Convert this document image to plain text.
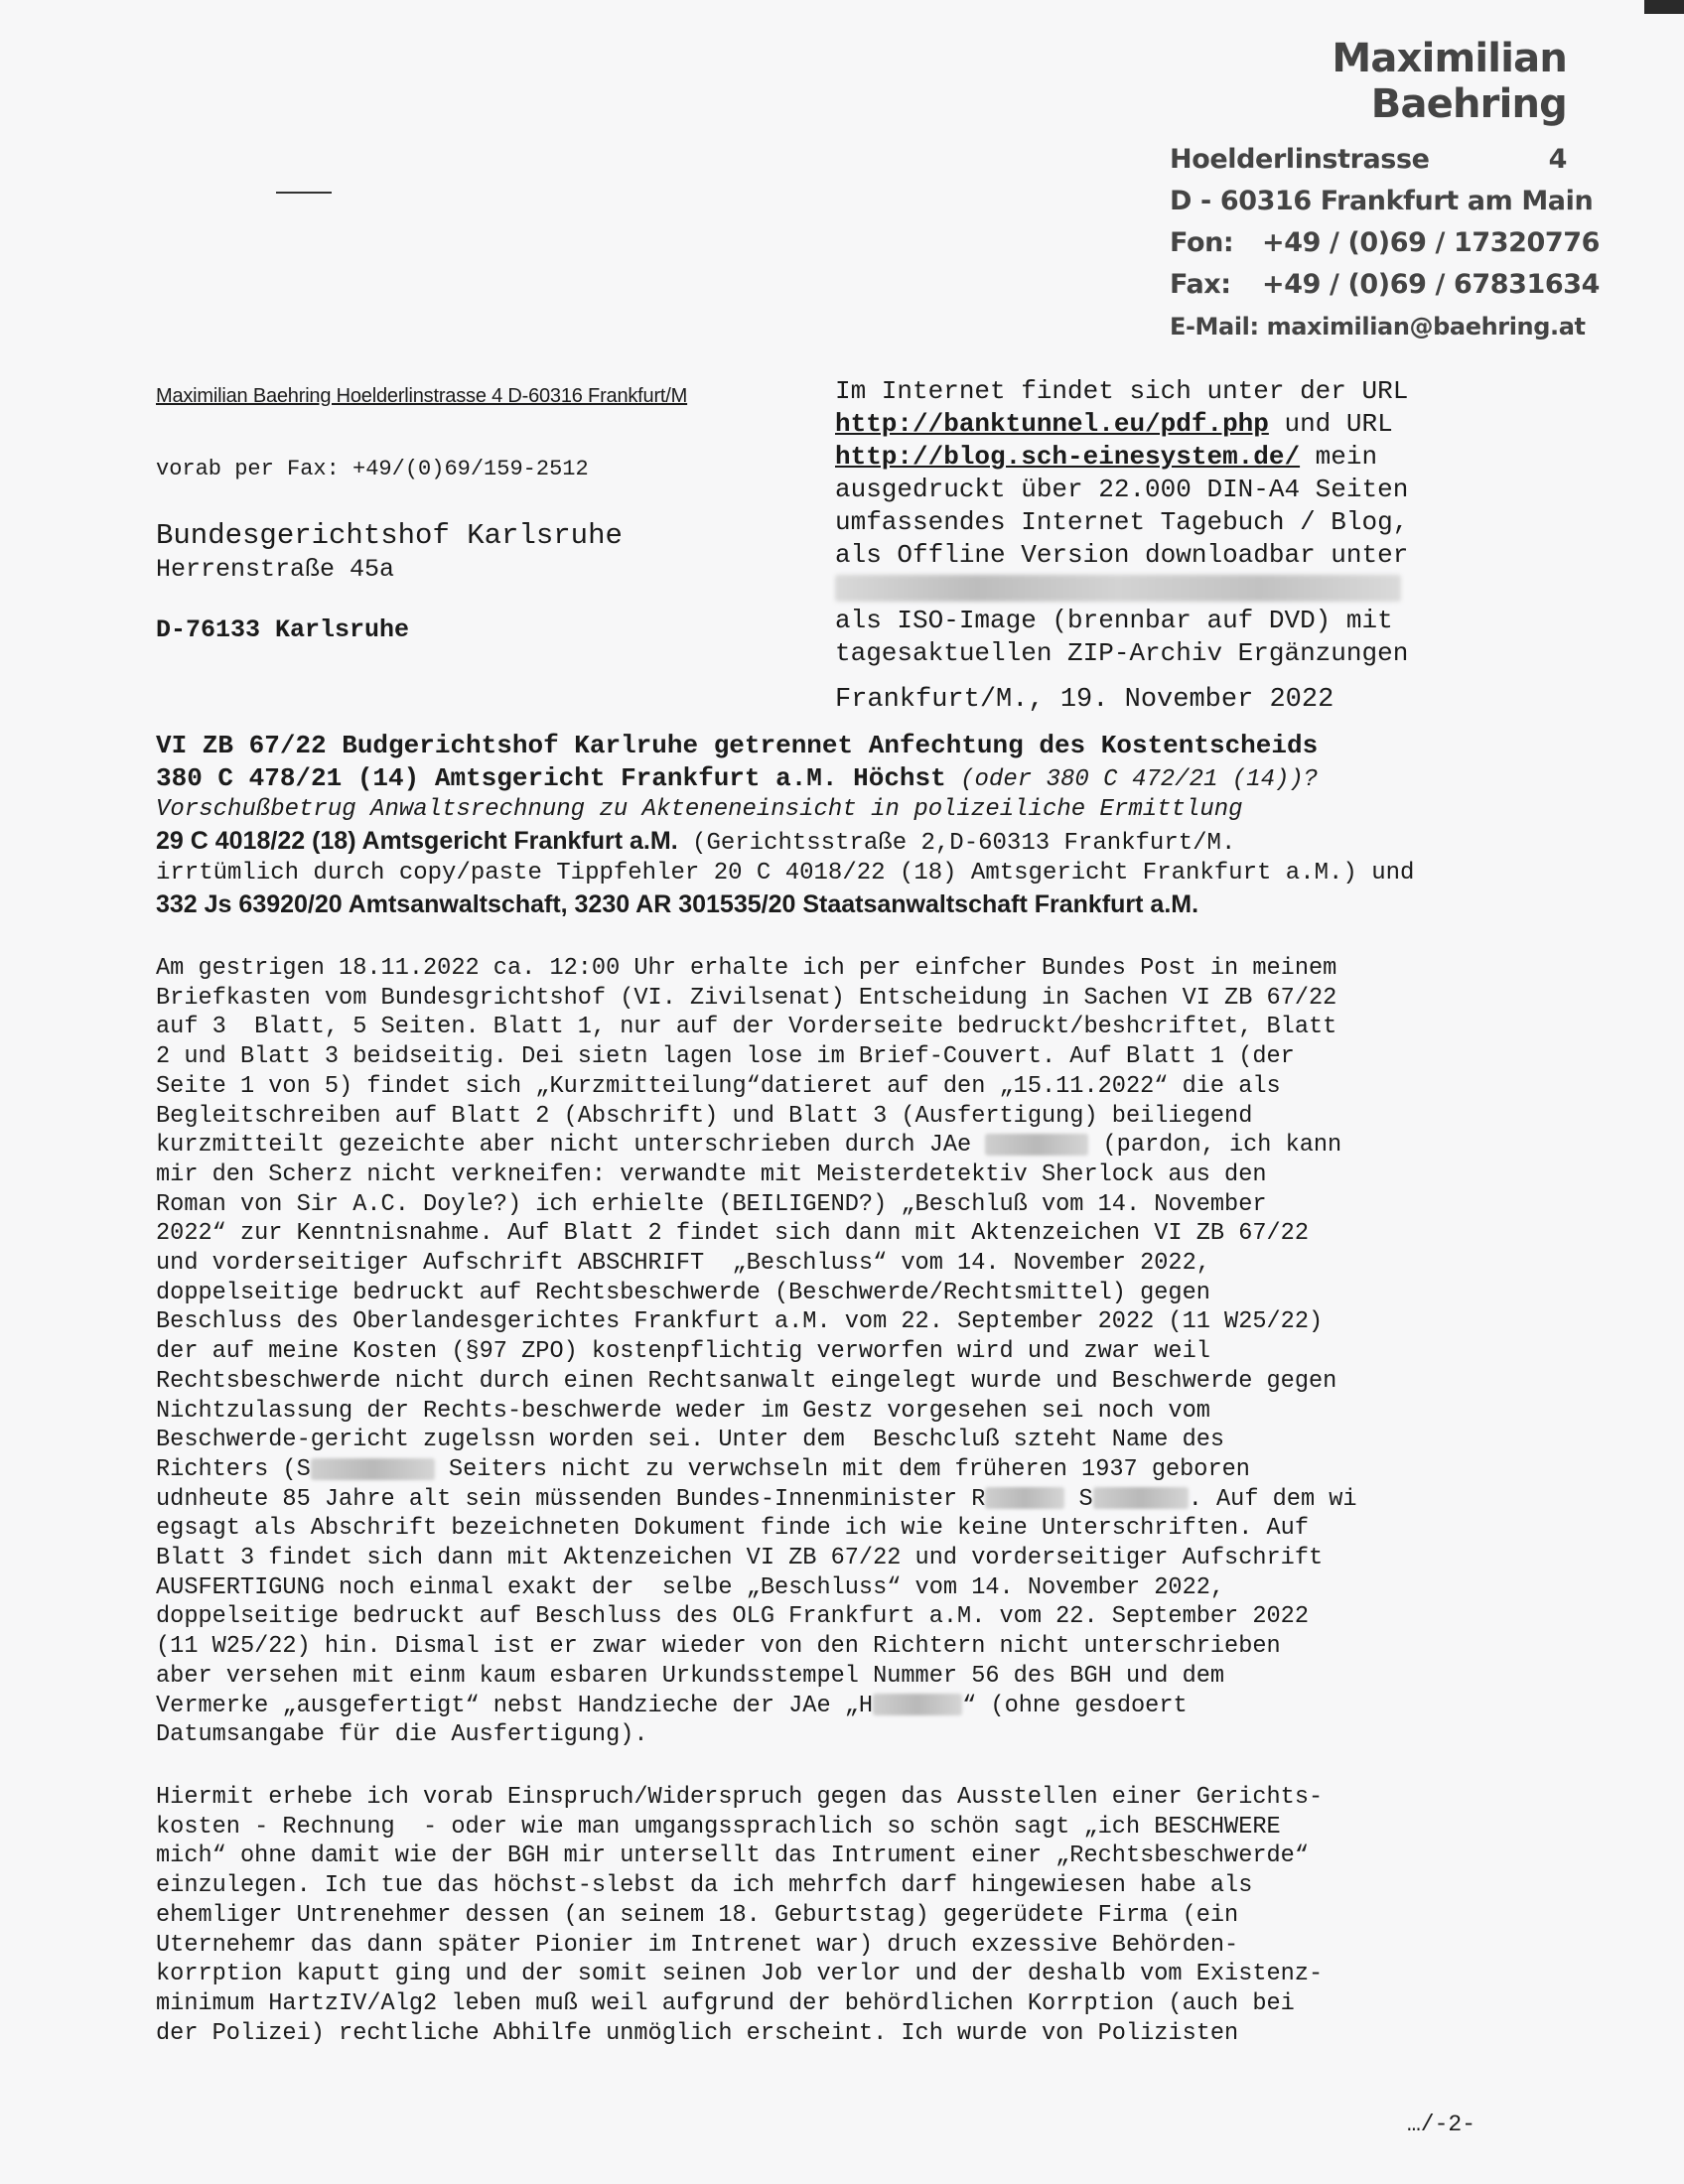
Maximilian Baehring
Hoelderlinstrasse	4
D - 60316 Frankfurt am Main
Fon: +49 / (0)69 / 17320776
Fax: +49 / (0)69 / 67831634
E-Mail: maximilian@baehring.at
Maximilian Baehring Hoelderlinstrasse 4 D-60316 Frankfurt/M
vorab per Fax: +49/(0)69/159-2512
Bundesgerichtshof Karlsruhe
Herrenstraße 45a
D-76133 Karlsruhe
Im Internet findet sich unter der URL
http://banktunnel.eu/pdf.php und URL
http://blog.sch-einesystem.de/ mein
ausgedruckt über 22.000 DIN-A4 Seiten
umfassendes Internet Tagebuch / Blog,
als Offline Version downloadbar unter
als ISO-Image (brennbar auf DVD) mit
tagesaktuellen ZIP-Archiv Ergänzungen
Frankfurt/M., 19. November 2022
VI ZB 67/22 Budgerichtshof Karlruhe getrennet Anfechtung des Kostentscheids
380 C 478/21 (14) Amtsgericht Frankfurt a.M. Höchst (oder 380 C 472/21 (14))?
Vorschußbetrug Anwaltsrechnung zu Akteneneinsicht in polizeiliche Ermittlung
29 C 4018/22 (18) Amtsgericht Frankfurt a.M. (Gerichtsstraße 2,D-60313 Frankfurt/M.
irrtümlich durch copy/paste Tippfehler 20 C 4018/22 (18) Amtsgericht Frankfurt a.M.) und
332 Js 63920/20 Amtsanwaltschaft, 3230 AR 301535/20 Staatsanwaltschaft Frankfurt a.M.
Am gestrigen 18.11.2022 ca. 12:00 Uhr erhalte ich per einfcher Bundes Post in meinem
Briefkasten vom Bundesgrichtshof (VI. Zivilsenat) Entscheidung in Sachen VI ZB 67/22
auf 3  Blatt, 5 Seiten. Blatt 1, nur auf der Vorderseite bedruckt/beshcriftet, Blatt
2 und Blatt 3 beidseitig. Dei sietn lagen lose im Brief-Couvert. Auf Blatt 1 (der
Seite 1 von 5) findet sich „Kurzmitteilung“datieret auf den „15.11.2022“ die als
Begleitschreiben auf Blatt 2 (Abschrift) und Blatt 3 (Ausfertigung) beiliegend
kurzmitteilt gezeichte aber nicht unterschrieben durch JAe	(pardon, ich kann
mir den Scherz nicht verkneifen: verwandte mit Meisterdetektiv Sherlock aus den
Roman von Sir A.C. Doyle?) ich erhielte (BEILIGEND?) „Beschluß vom 14. November
2022“ zur Kenntnisnahme. Auf Blatt 2 findet sich dann mit Aktenzeichen VI ZB 67/22
und vorderseitiger Aufschrift ABSCHRIFT  „Beschluss“ vom 14. November 2022,
doppelseitige bedruckt auf Rechtsbeschwerde (Beschwerde/Rechtsmittel) gegen
Beschluss des Oberlandesgerichtes Frankfurt a.M. vom 22. September 2022 (11 W25/22)
der auf meine Kosten (§97 ZPO) kostenpflichtig verworfen wird und zwar weil
Rechtsbeschwerde nicht durch einen Rechtsanwalt eingelegt wurde und Beschwerde gegen
Nichtzulassung der Rechts-beschwerde weder im Gestz vorgesehen sei noch vom
Beschwerde-gericht zugelssn worden sei. Unter dem  Beschcluß szteht Name des
Richters (S	Seiters nicht zu verwchseln mit dem früheren 1937 geboren
udnheute 85 Jahre alt sein müssenden Bundes-Innenminister R	S	. Auf dem wi
egsagt als Abschrift bezeichneten Dokument finde ich wie keine Unterschriften. Auf
Blatt 3 findet sich dann mit Aktenzeichen VI ZB 67/22 und vorderseitiger Aufschrift
AUSFERTIGUNG noch einmal exakt der  selbe „Beschluss“ vom 14. November 2022,
doppelseitige bedruckt auf Beschluss des OLG Frankfurt a.M. vom 22. September 2022
(11 W25/22) hin. Dismal ist er zwar wieder von den Richtern nicht unterschrieben
aber versehen mit einm kaum esbaren Urkundsstempel Nummer 56 des BGH und dem
Vermerke „ausgefertigt“ nebst Handzieche der JAe „H	“ (ohne gesdoert
Datumsangabe für die Ausfertigung).
Hiermit erhebe ich vorab Einspruch/Widerspruch gegen das Ausstellen einer Gerichts-
kosten - Rechnung  - oder wie man umgangssprachlich so schön sagt „ich BESCHWERE
mich“ ohne damit wie der BGH mir untersellt das Intrument einer „Rechtsbeschwerde“
einzulegen. Ich tue das höchst-slebst da ich mehrfch darf hingewiesen habe als
ehemliger Untrenehmer dessen (an seinem 18. Geburtstag) gegerüdete Firma (ein
Uternehemr das dann später Pionier im Intrenet war) druch exzessive Behörden-
korrption kaputt ging und der somit seinen Job verlor und der deshalb vom Existenz-
minimum HartzIV/Alg2 leben muß weil aufgrund der behördlichen Korrption (auch bei
der Polizei) rechtliche Abhilfe unmöglich erscheint. Ich wurde von Polizisten
…/-2-
